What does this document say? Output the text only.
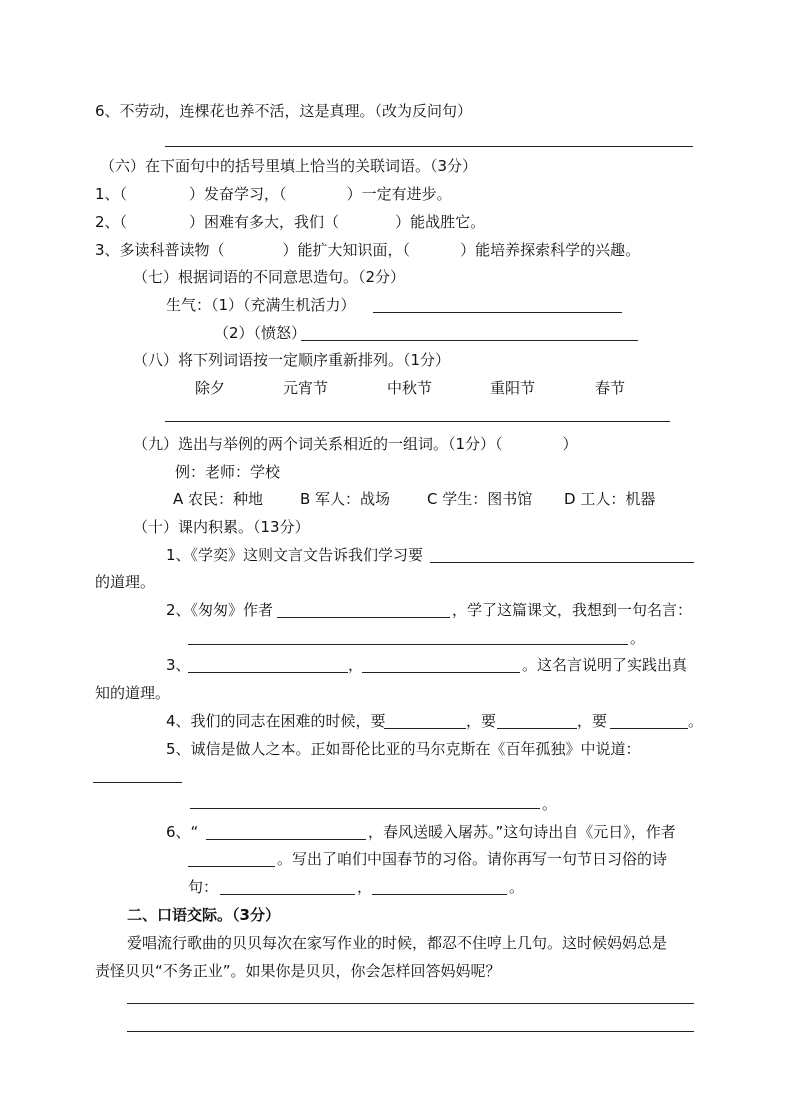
6、不劳动，连棵花也养不活，这是真理。（改为反问句）
（六）在下面句中的括号里填上恰当的关联词语。（3分）
1、（	）发奋学习，（	）一定有进步。
2、（	）困难有多大，我们（	）能战胜它。
3、多读科普读物（	）能扩大知识面，（	）能培养探索科学的兴趣。
（七）根据词语的不同意思造句。（2分）
生气：（1）（充满生机活力）
（2）（愤怒）
（八）将下列词语按一定顺序重新排列。（1分）
除夕	元宵节	中秋节	重阳节	春节
（九）选出与举例的两个词关系相近的一组词。（1分）（	）
例：老师：学校
A 农民：种地 B 军人：战场 C 学生：图书馆 D 工人：机器
（十）课内积累。（13分）
1、《学奕》这则文言文告诉我们学习要
的道理。
2、《匆匆》作者	，学了这篇课文，我想到一句名言：
。
3、	，	。这名言说明了实践出真
知的道理。
4、我们的同志在困难的时候，要	，要	，要	。
5、诚信是做人之本。正如哥伦比亚的马尔克斯在《百年孤独》中说道：
。
6、“	，春风送暖入屠苏。”这句诗出自《元日》，作者
。写出了咱们中国春节的习俗。请你再写一句节日习俗的诗
句：	，	。
二、口语交际。（3分）
爱唱流行歌曲的贝贝每次在家写作业的时候，都忍不住哼上几句。这时候妈妈总是
责怪贝贝“不务正业”。如果你是贝贝，你会怎样回答妈妈呢？
